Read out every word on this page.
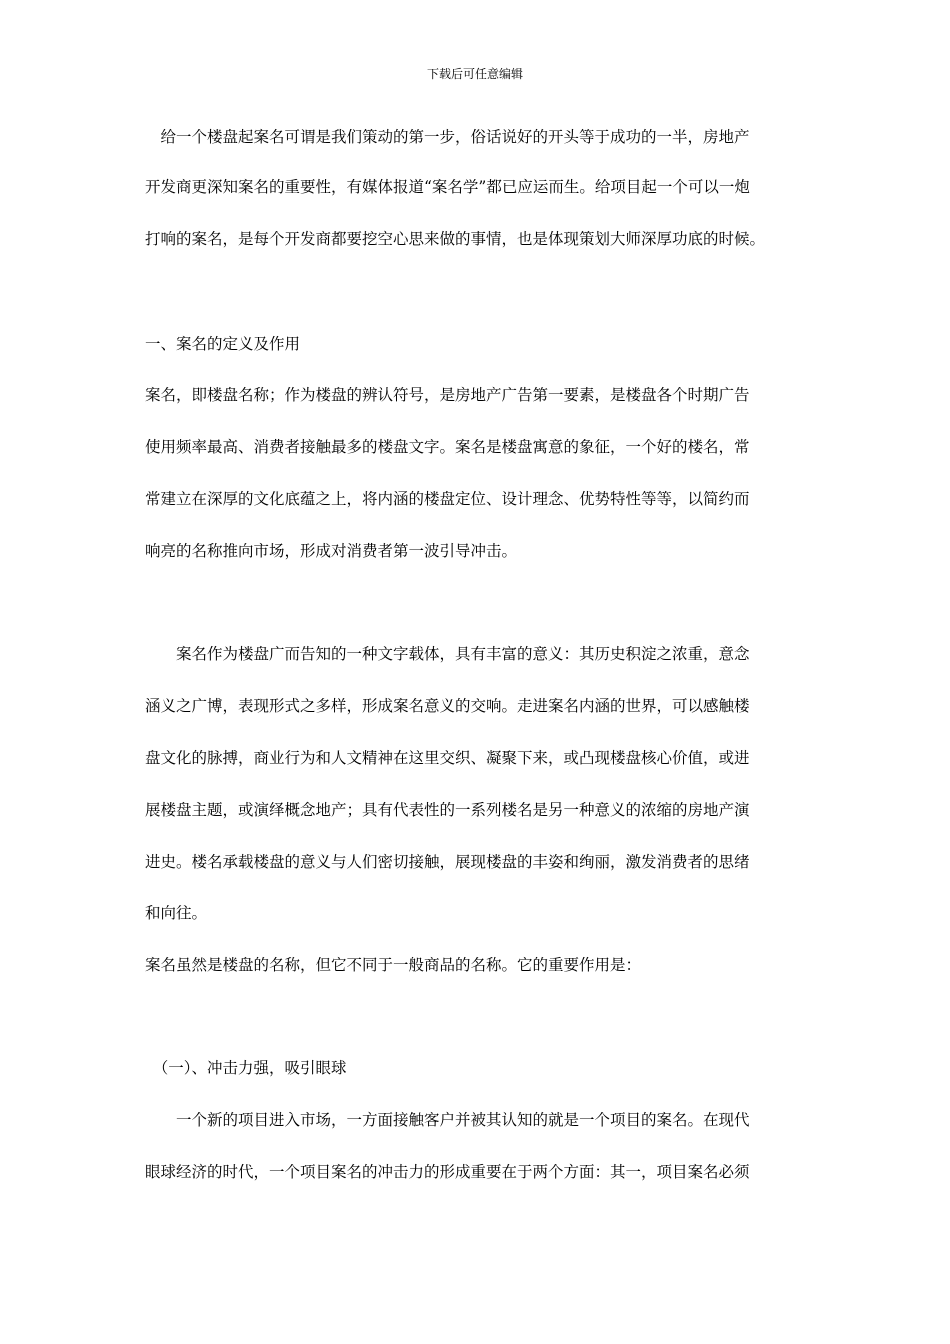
下载后可任意编辑
　给一个楼盘起案名可谓是我们策动的第一步，俗话说好的开头等于成功的一半，房地产
开发商更深知案名的重要性，有媒体报道“案名学”都已应运而生。给项目起一个可以一炮
打响的案名，是每个开发商都要挖空心思来做的事情，也是体现策划大师深厚功底的时候。
一、案名的定义及作用
案名，即楼盘名称；作为楼盘的辨认符号，是房地产广告第一要素，是楼盘各个时期广告
使用频率最高、消费者接触最多的楼盘文字。案名是楼盘寓意的象征，一个好的楼名，常
常建立在深厚的文化底蕴之上，将内涵的楼盘定位、设计理念、优势特性等等，以简约而
响亮的名称推向市场，形成对消费者第一波引导冲击。
　　案名作为楼盘广而告知的一种文字载体，具有丰富的意义：其历史积淀之浓重，意念
涵义之广博，表现形式之多样，形成案名意义的交响。走进案名内涵的世界，可以感触楼
盘文化的脉搏，商业行为和人文精神在这里交织、凝聚下来，或凸现楼盘核心价值，或进
展楼盘主题，或演绎概念地产；具有代表性的一系列楼名是另一种意义的浓缩的房地产演
进史。楼名承载楼盘的意义与人们密切接触，展现楼盘的丰姿和绚丽，激发消费者的思绪
和向往。
案名虽然是楼盘的名称，但它不同于一般商品的名称。它的重要作用是：
　（一）、冲击力强，吸引眼球
　　一个新的项目进入市场，一方面接触客户并被其认知的就是一个项目的案名。在现代
眼球经济的时代，一个项目案名的冲击力的形成重要在于两个方面：其一，项目案名必须
